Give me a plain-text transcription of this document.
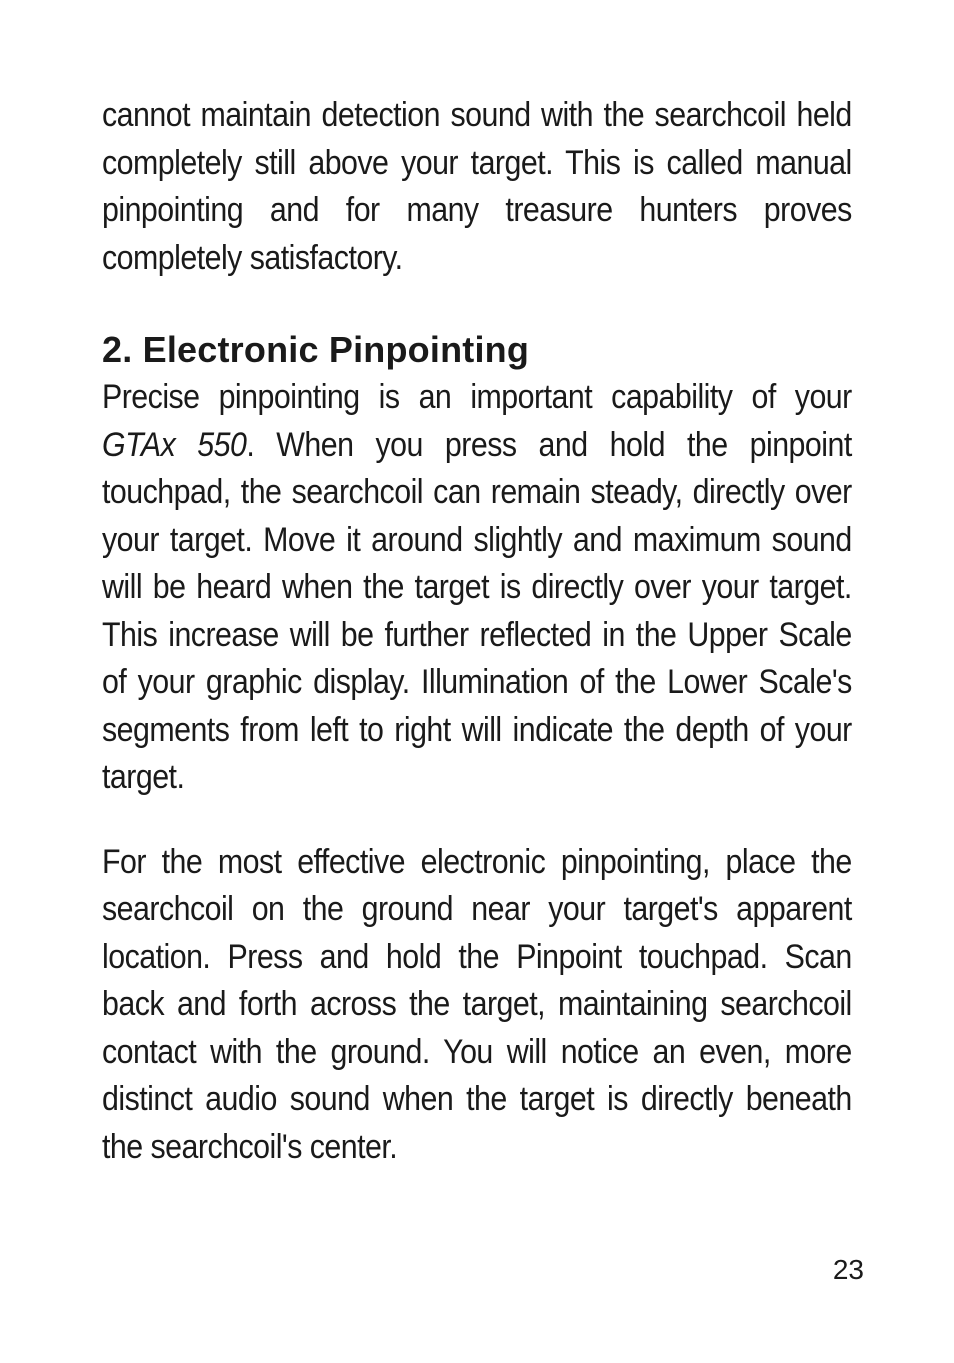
cannot maintain detection sound with the searchcoil held completely still above your target. This is called manual pinpointing and for many treasure hunters proves completely satisfactory.

2. Electronic Pinpointing

Precise pinpointing is an important capability of your GTAx 550. When you press and hold the pinpoint touchpad, the searchcoil can remain steady, directly over your target. Move it around slightly and maximum sound will be heard when the target is directly over your target. This increase will be further reflected in the Upper Scale of your graphic display. Illumination of the Lower Scale's segments from left to right will indicate the depth of your target.

For the most effective electronic pinpointing, place the searchcoil on the ground near your target's apparent location. Press and hold the Pinpoint touchpad. Scan back and forth across the target, maintaining searchcoil contact with the ground. You will notice an even, more distinct audio sound when the target is directly beneath the searchcoil's center.

23
